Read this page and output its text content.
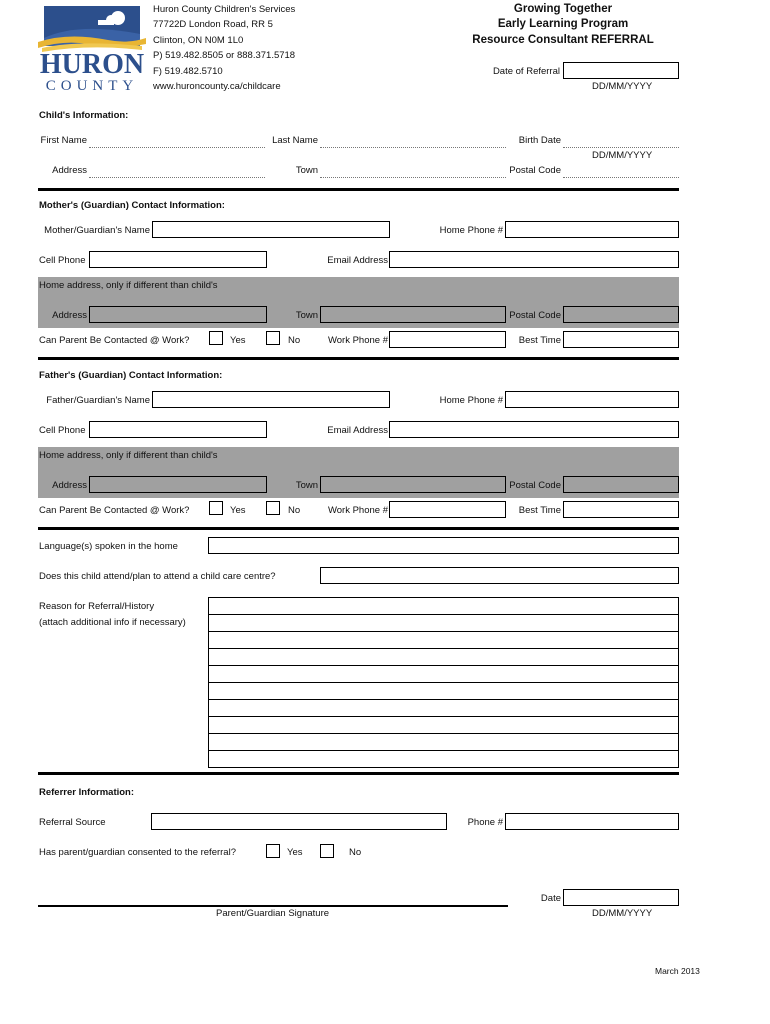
HURON
COUNTY
Huron County Children's Services
77722D London Road, RR 5
Clinton, ON N0M 1L0
P) 519.482.8505 or 888.371.5718
F) 519.482.5710
www.huroncounty.ca/childcare
Growing Together
Early Learning Program
Resource Consultant REFERRAL
Date of Referral
DD/MM/YYYY
Child's Information:
First Name	Last Name	Birth Date
DD/MM/YYYY
Address	Town	Postal Code
Mother's (Guardian) Contact Information:
Mother/Guardian's Name	Home Phone #
Cell Phone	Email Address
Home address, only if different than child's
Address	Town	Postal Code
Can Parent Be Contacted @ Work?	Yes	No	Work Phone #	Best Time
Father's (Guardian) Contact Information:
Father/Guardian's Name	Home Phone #
Cell Phone	Email Address
Home address, only if different than child's
Address	Town	Postal Code
Can Parent Be Contacted @ Work?	Yes	No	Work Phone #	Best Time
Language(s) spoken in the home
Does this child attend/plan to attend a child care centre?
Reason for Referral/History
(attach additional info if necessary)
Referrer Information:
Referral Source	Phone #
Has parent/guardian consented to the referral?	Yes	No
Date
Parent/Guardian Signature	DD/MM/YYYY
March 2013
